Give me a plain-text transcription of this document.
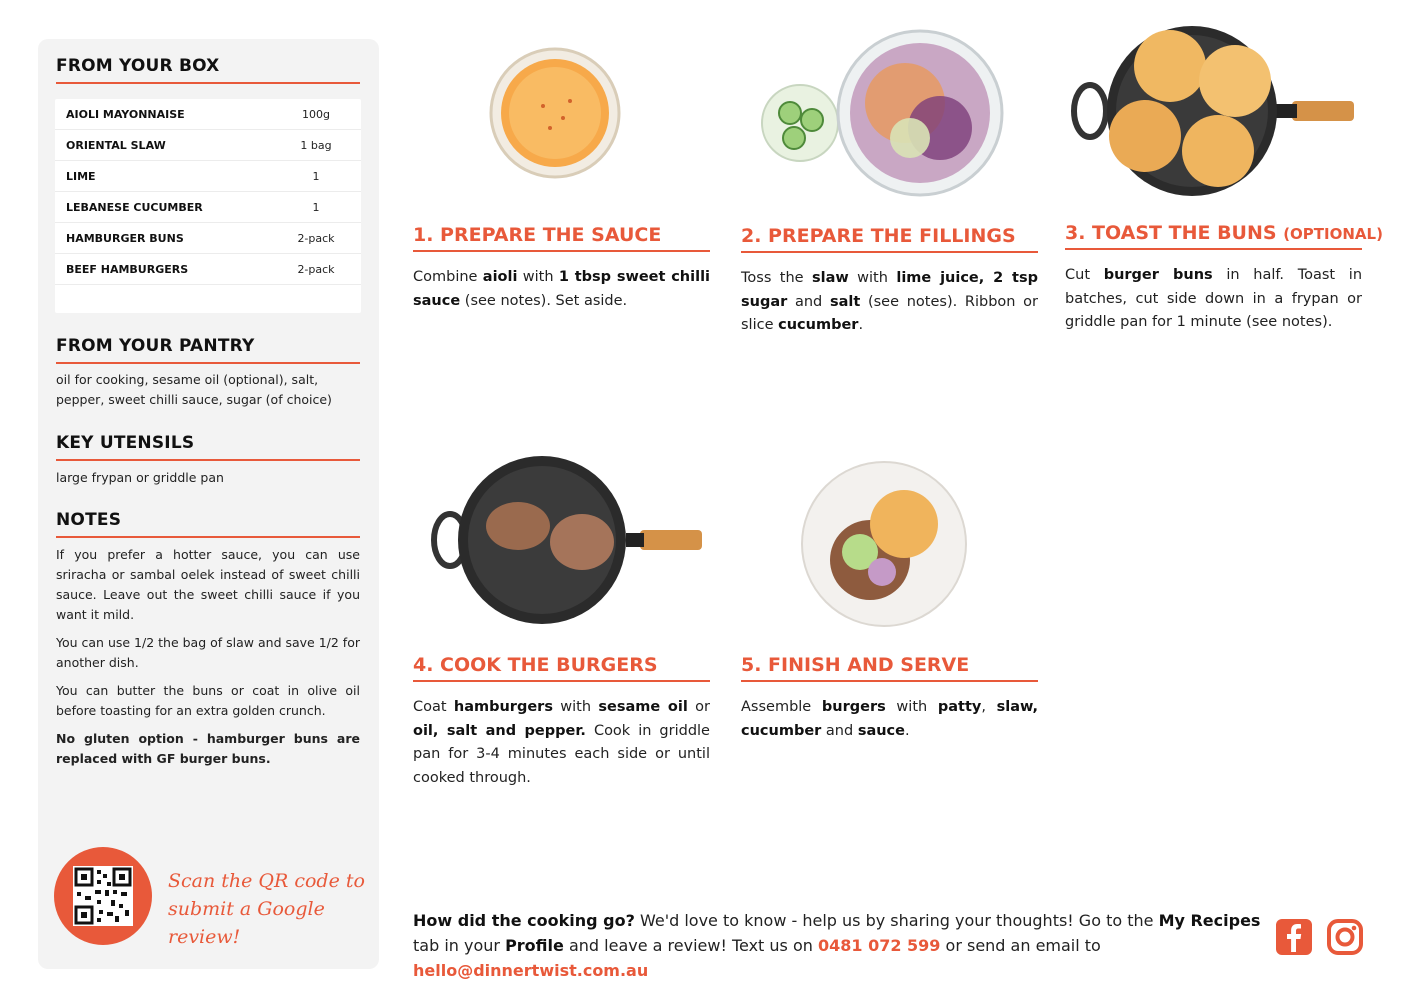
FROM YOUR BOX
AIOLI MAYONNAISE	100g
ORIENTAL SLAW	1 bag
LIME	1
LEBANESE CUCUMBER	1
HAMBURGER BUNS	2-pack
BEEF HAMBURGERS	2-pack
FROM YOUR PANTRY
oil for cooking, sesame oil (optional), salt, pepper, sweet chilli sauce, sugar (of choice)
KEY UTENSILS
large frypan or griddle pan
NOTES

If you prefer a hotter sauce, you can use sriracha or sambal oelek instead of sweet chilli sauce. Leave out the sweet chilli sauce if you want it mild.

You can use 1/2 the bag of slaw and save 1/2 for another dish.

You can butter the buns or coat in olive oil before toasting for an extra golden crunch.

No gluten option - hamburger buns are replaced with GF burger buns.

Scan the QR code to
submit a Google review!
1. PREPARE THE SAUCE	2. PREPARE THE FILLINGS	3. TOAST THE BUNS (OPTIONAL)
4. COOK THE BURGERS	5. FINISH AND SERVE
Combine aioli with 1 tbsp sweet chilli sauce (see notes). Set aside.
Toss the slaw with lime juice, 2 tsp sugar and salt (see notes). Ribbon or slice cucumber.
Cut burger buns in half. Toast in batches, cut side down in a frypan or griddle pan for 1 minute (see notes).
Coat hamburgers with sesame oil or oil, salt and pepper. Cook in griddle pan for 3-4 minutes each side or until cooked through.
Assemble burgers with patty, slaw, cucumber and sauce.
How did the cooking go? We'd love to know - help us by sharing your thoughts! Go to the My Recipes tab in your Profile and leave a review! Text us on 0481 072 599 or send an email to hello@dinnertwist.com.au
